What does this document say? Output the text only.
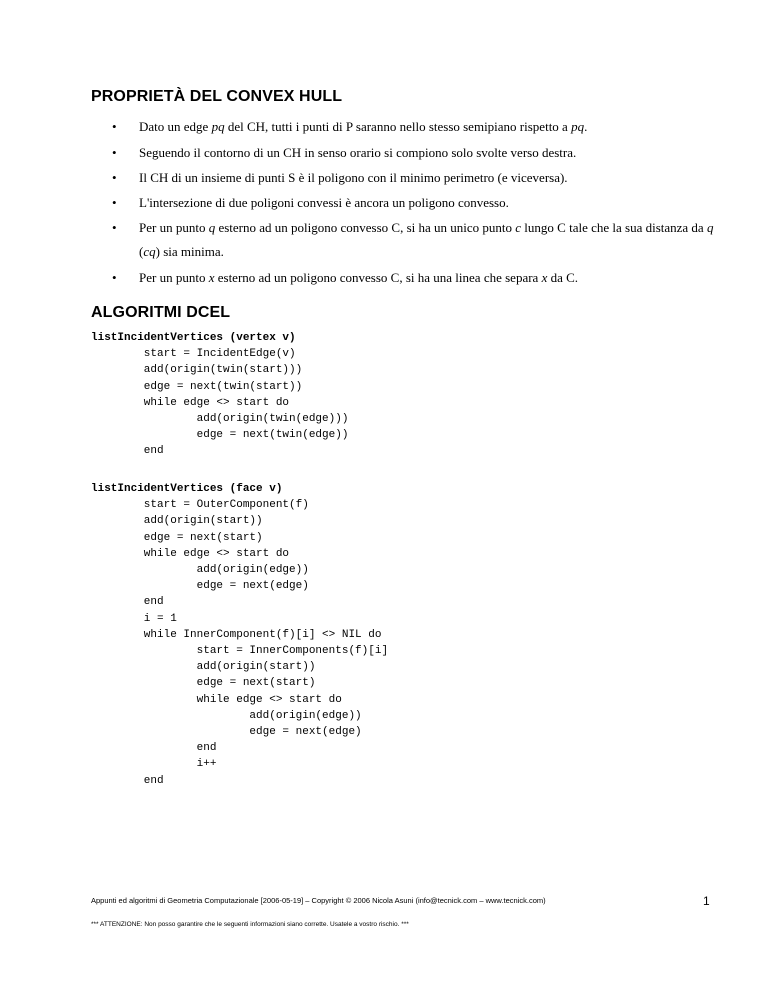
PROPRIETÀ DEL CONVEX HULL
• Dato un edge pq del CH, tutti i punti di P saranno nello stesso semipiano rispetto a pq.
• Seguendo il contorno di un CH in senso orario si compiono solo svolte verso destra.
• Il CH di un insieme di punti S è il poligono con il minimo perimetro (e viceversa).
• L'intersezione di due poligoni convessi è ancora un poligono convesso.
• Per un punto q esterno ad un poligono convesso C, si ha un unico punto c lungo C tale che la sua distanza da q
(cq) sia minima.
• Per un punto x esterno ad un poligono convesso C, si ha una linea che separa x da C.
ALGORITMI DCEL
listIncidentVertices (vertex v)
start = IncidentEdge(v)
add(origin(twin(start)))
edge = next(twin(start))
while edge <> start do
add(origin(twin(edge)))
edge = next(twin(edge))
end
listIncidentVertices (face v)
start = OuterComponent(f)
add(origin(start))
edge = next(start)
while edge <> start do
add(origin(edge))
edge = next(edge)
end
i = 1
while InnerComponent(f)[i] <> NIL do
start = InnerComponents(f)[i]
add(origin(start))
edge = next(start)
while edge <> start do
add(origin(edge))
edge = next(edge)
end
i++
end
Appunti ed algoritmi di Geometria Computazionale [2006-05-19] – Copyright © 2006 Nicola Asuni (info@tecnick.com – www.tecnick.com)
*** ATTENZIONE: Non posso garantire che le seguenti informazioni siano corrette. Usatele a vostro rischio. ***
1
